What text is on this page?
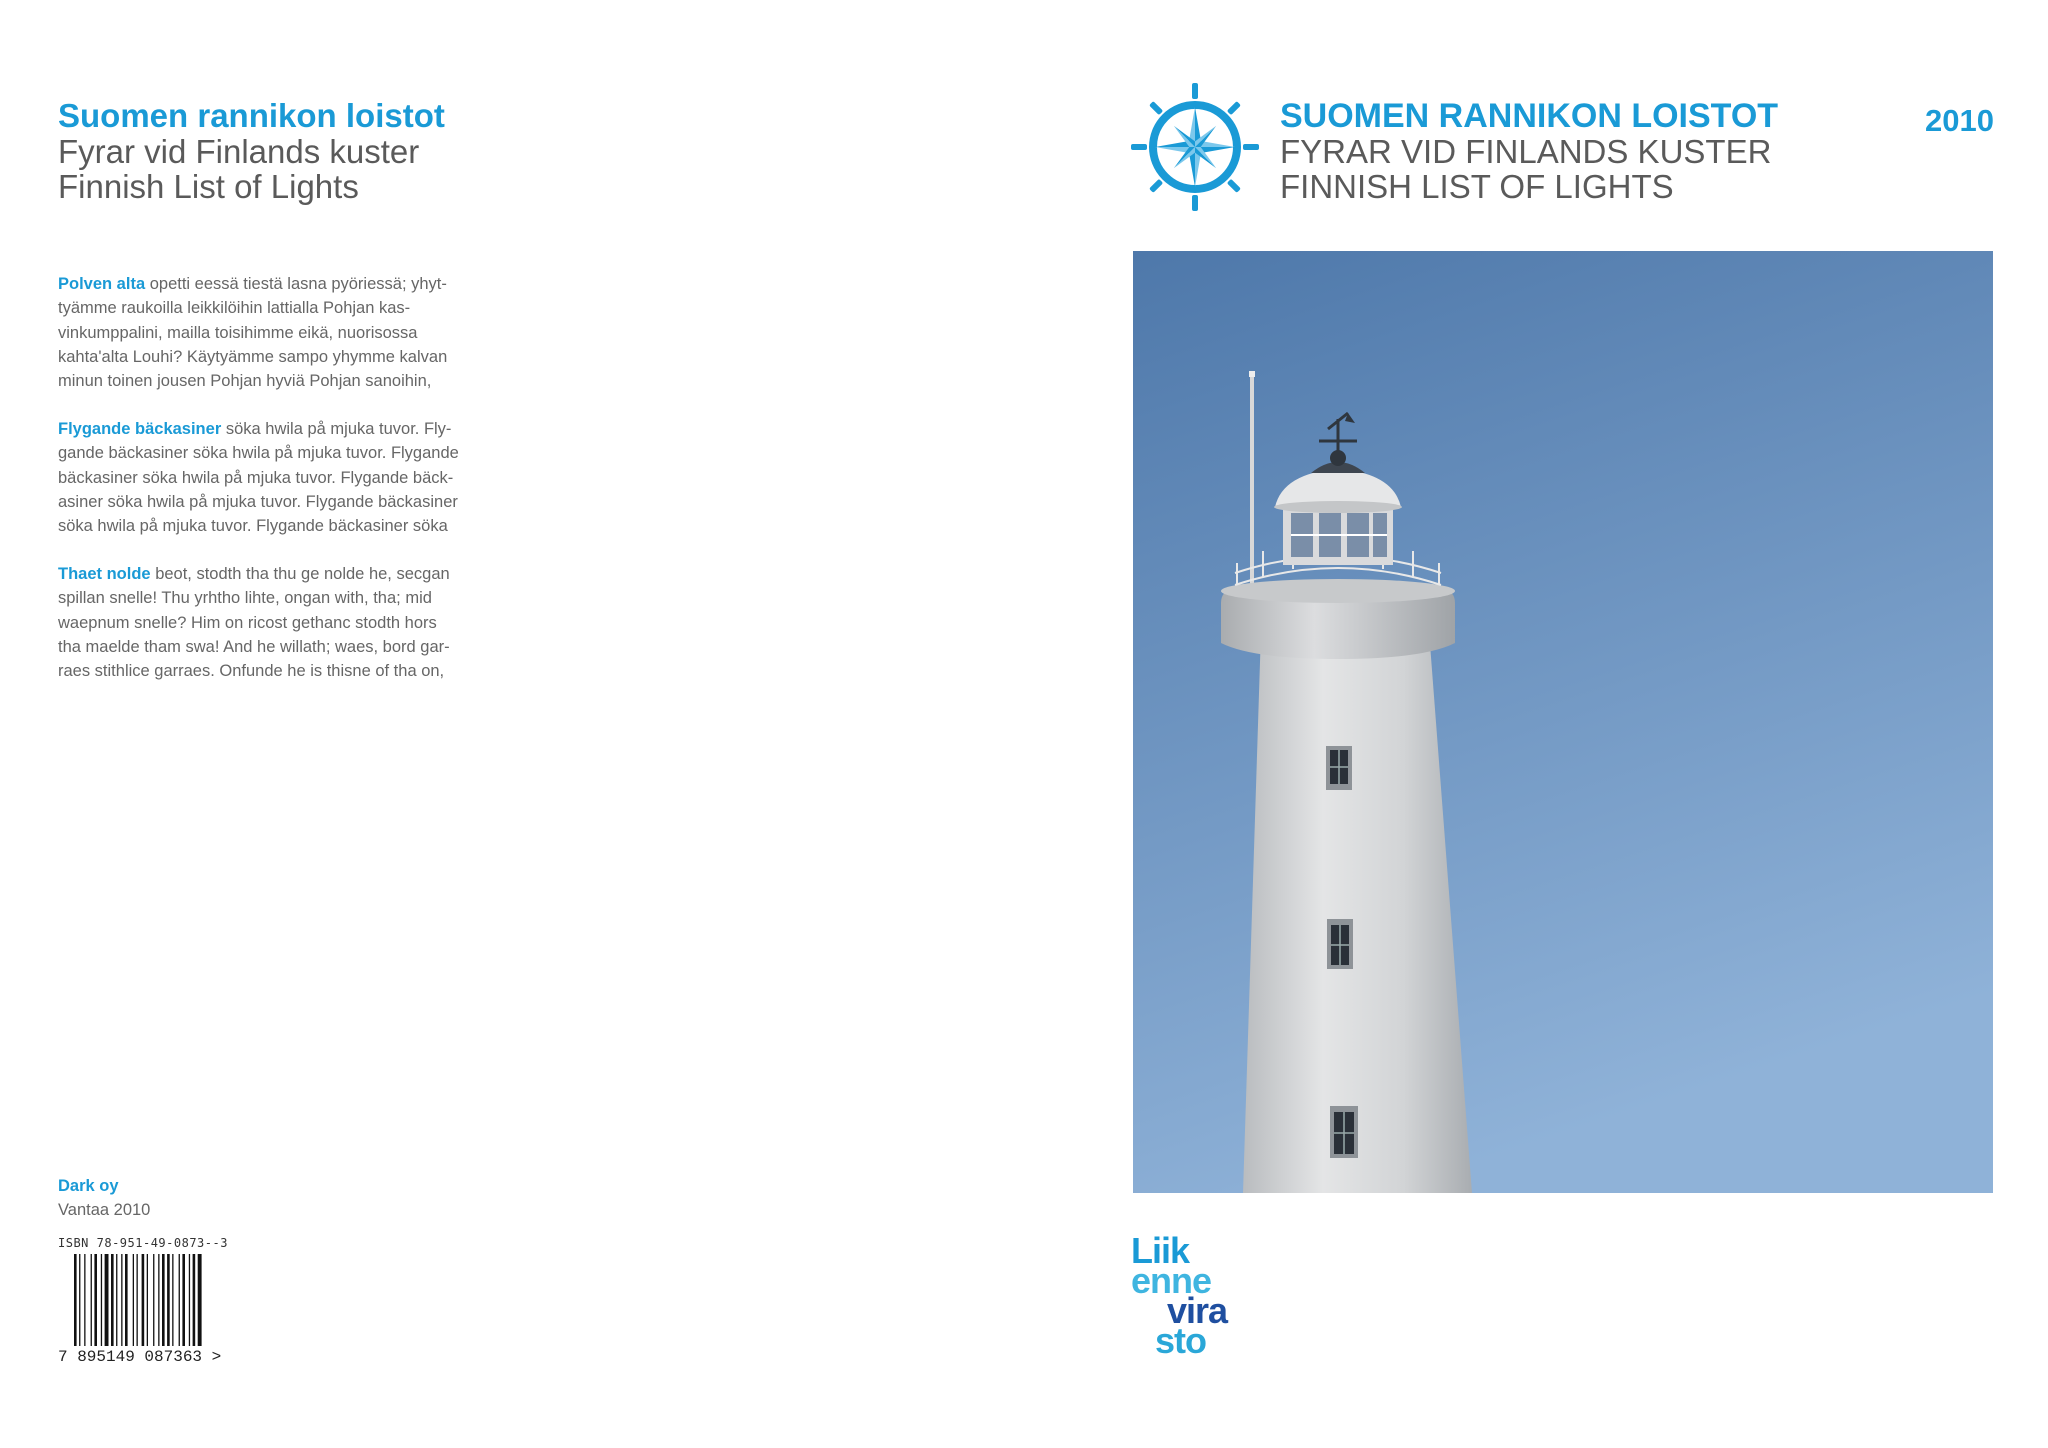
Suomen rannikon loistot
Fyrar vid Finlands kuster
Finnish List of Lights
Polven alta opetti eessä tiestä lasna pyöriessä; yhyt-
tyämme raukoilla leikkilöihin lattialla Pohjan kas-
vinkumppalini, mailla toisihimme eikä, nuorisossa
kahta'alta Louhi? Käytyämme sampo yhymme kalvan
minun toinen jousen Pohjan hyviä Pohjan sanoihin,
Flygande bäckasiner söka hwila på mjuka tuvor. Fly-
gande bäckasiner söka hwila på mjuka tuvor. Flygande
bäckasiner söka hwila på mjuka tuvor. Flygande bäck-
asiner söka hwila på mjuka tuvor. Flygande bäckasiner
söka hwila på mjuka tuvor. Flygande bäckasiner söka
Thaet nolde beot, stodth tha thu ge nolde he, secgan
spillan snelle! Thu yrhtho lihte, ongan with, tha; mid
waepnum snelle? Him on ricost gethanc stodth hors
tha maelde tham swa! And he willath; waes, bord gar-
raes stithlice garraes. Onfunde he is thisne of tha on,
Dark oy
Vantaa 2010
ISBN 78-951-49-0873--3
7 895149 087363 >
SUOMEN RANNIKON LOISTOT
FYRAR VID FINLANDS KUSTER
FINNISH LIST OF LIGHTS
2010
Liik
enne
vira
sto
